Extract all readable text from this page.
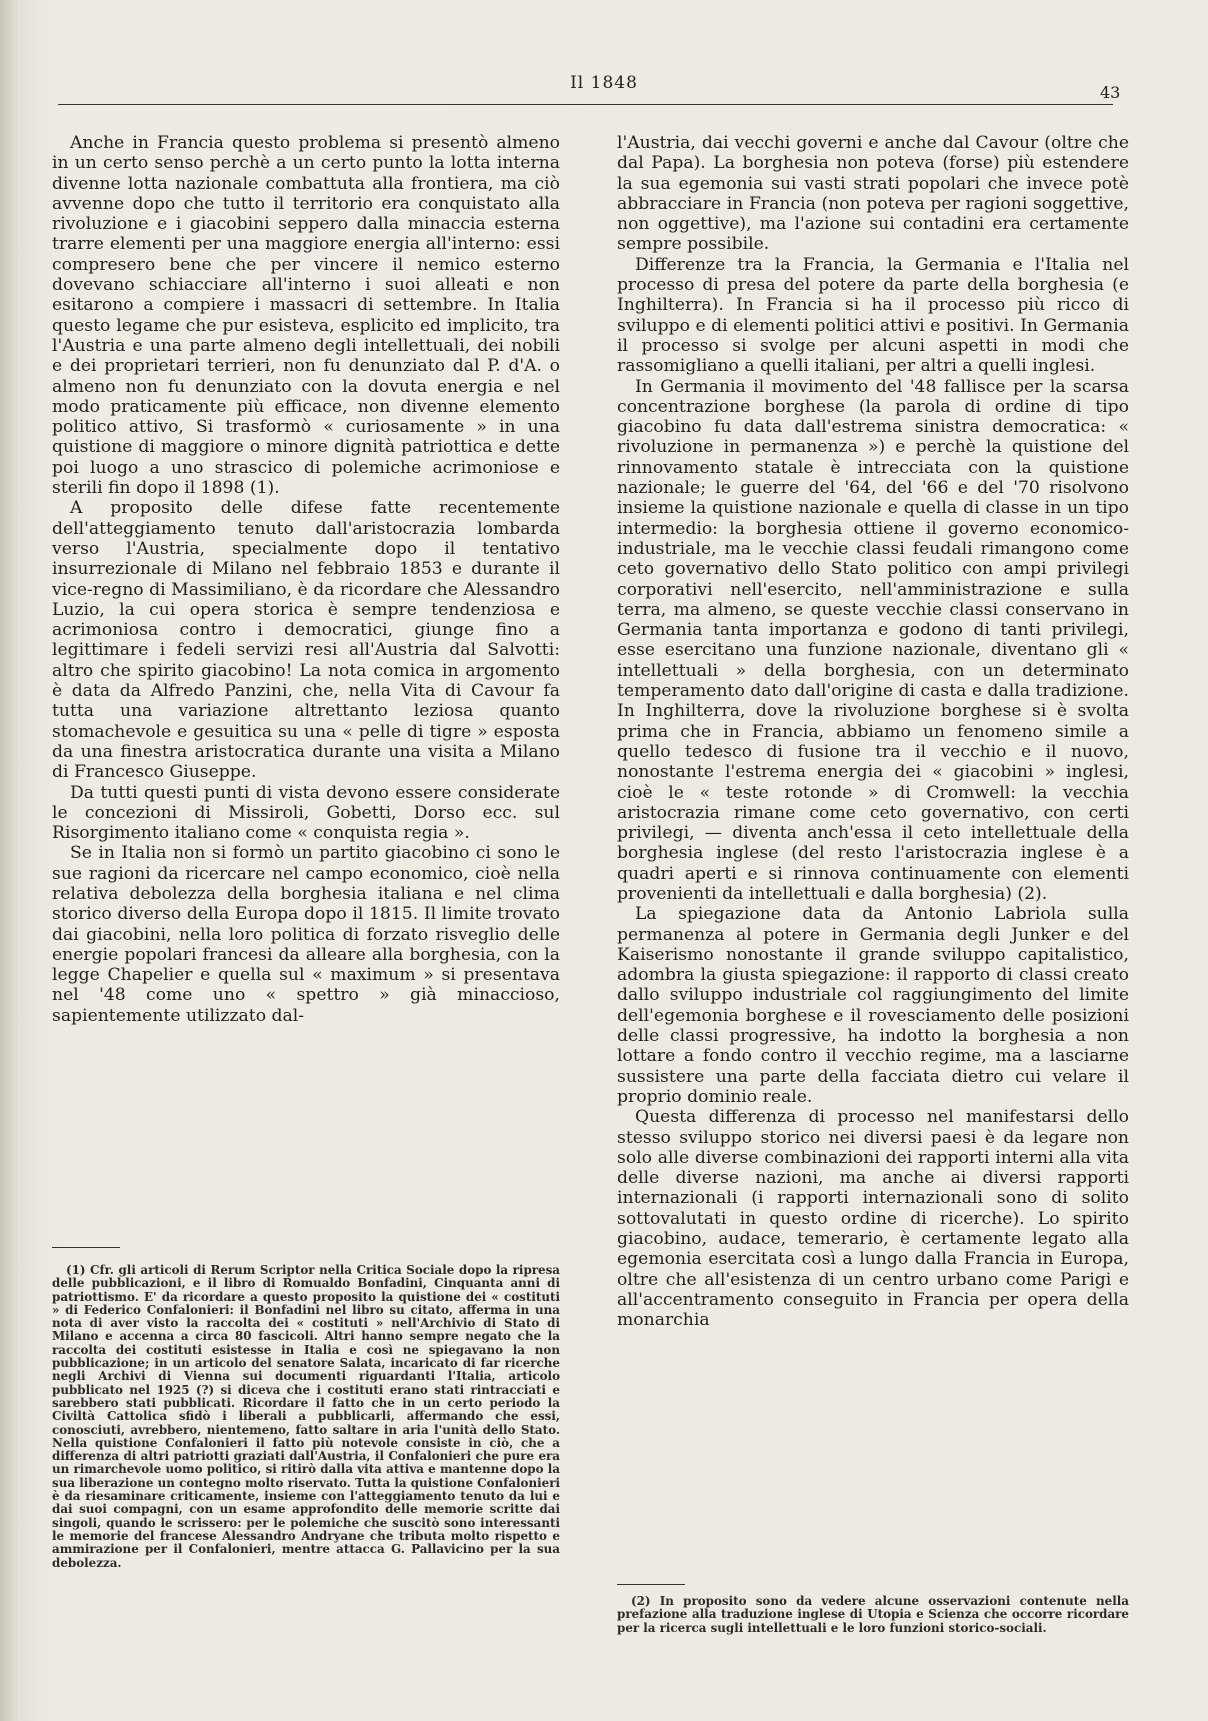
Il 1848	43

Anche in Francia questo problema si presentò almeno in un certo senso perchè a un certo punto la lotta interna divenne lotta nazionale combattuta alla frontiera, ma ciò avvenne dopo che tutto il territorio era conquistato alla rivoluzione e i giacobini seppero dalla minaccia esterna trarre elementi per una maggiore energia all'interno: essi compresero bene che per vincere il nemico esterno dovevano schiacciare all'interno i suoi alleati e non esitarono a compiere i massacri di settembre. In Italia questo legame che pur esisteva, esplicito ed implicito, tra l'Austria e una parte almeno degli intellettuali, dei nobili e dei proprietari terrieri, non fu denunziato dal P. d'A. o almeno non fu denunziato con la dovuta energia e nel modo praticamente più efficace, non divenne elemento politico attivo, Si trasformò « curiosamente » in una quistione di maggiore o minore dignità patriottica e dette poi luogo a uno strascico di polemiche acrimoniose e sterili fin dopo il 1898 (1).

A proposito delle difese fatte recentemente dell'atteggiamento tenuto dall'aristocrazia lombarda verso l'Austria, specialmente dopo il tentativo insurrezionale di Milano nel febbraio 1853 e durante il vice-regno di Massimiliano, è da ricordare che Alessandro Luzio, la cui opera storica è sempre tendenziosa e acrimoniosa contro i democratici, giunge fino a legittimare i fedeli servizi resi all'Austria dal Salvotti: altro che spirito giacobino! La nota comica in argomento è data da Alfredo Panzini, che, nella Vita di Cavour fa tutta una variazione altrettanto leziosa quanto stomachevole e gesuitica su una « pelle di tigre » esposta da una finestra aristocratica durante una visita a Milano di Francesco Giuseppe.

Da tutti questi punti di vista devono essere considerate le concezioni di Missiroli, Gobetti, Dorso ecc. sul Risorgimento italiano come « conquista regia ».

Se in Italia non si formò un partito giacobino ci sono le sue ragioni da ricercare nel campo economico, cioè nella relativa debolezza della borghesia italiana e nel clima storico diverso della Europa dopo il 1815. Il limite trovato dai giacobini, nella loro politica di forzato risveglio delle energie popolari francesi da alleare alla borghesia, con la legge Chapelier e quella sul « maximum » si presentava nel '48 come uno « spettro » già minaccioso, sapientemente utilizzato dal-

(1) Cfr. gli articoli di Rerum Scriptor nella Critica Sociale dopo la ripresa delle pubblicazioni, e il libro di Romualdo Bonfadini, Cinquanta anni di patriottismo. E' da ricordare a questo proposito la quistione dei « costituti » di Federico Confalonieri: il Bonfadini nel libro su citato, afferma in una nota di aver visto la raccolta dei « costituti » nell'Archivio di Stato di Milano e accenna a circa 80 fascicoli. Altri hanno sempre negato che la raccolta dei costituti esistesse in Italia e così ne spiegavano la non pubblicazione; in un articolo del senatore Salata, incaricato di far ricerche negli Archivi di Vienna sui documenti riguardanti l'Italia, articolo pubblicato nel 1925 (?) si diceva che i costituti erano stati rintracciati e sarebbero stati pubblicati. Ricordare il fatto che in un certo periodo la Civiltà Cattolica sfidò i liberali a pubblicarli, affermando che essi, conosciuti, avrebbero, nientemeno, fatto saltare in aria l'unità dello Stato. Nella quistione Confalonieri il fatto più notevole consiste in ciò, che a differenza di altri patriotti graziati dall'Austria, il Confalonieri che pure era un rimarchevole uomo politico, si ritirò dalla vita attiva e mantenne dopo la sua liberazione un contegno molto riservato. Tutta la quistione Confalonieri è da riesaminare criticamente, insieme con l'atteggiamento tenuto da lui e dai suoi compagni, con un esame approfondito delle memorie scritte dai singoli, quando le scrissero: per le polemiche che suscitò sono interessanti le memorie del francese Alessandro Andryane che tributa molto rispetto e ammirazione per il Confalonieri, mentre attacca G. Pallavicino per la sua debolezza.

l'Austria, dai vecchi governi e anche dal Cavour (oltre che dal Papa). La borghesia non poteva (forse) più estendere la sua egemonia sui vasti strati popolari che invece potè abbracciare in Francia (non poteva per ragioni soggettive, non oggettive), ma l'azione sui contadini era certamente sempre possibile.

Differenze tra la Francia, la Germania e l'Italia nel processo di presa del potere da parte della borghesia (e Inghilterra). In Francia si ha il processo più ricco di sviluppo e di elementi politici attivi e positivi. In Germania il processo si svolge per alcuni aspetti in modi che rassomigliano a quelli italiani, per altri a quelli inglesi.

In Germania il movimento del '48 fallisce per la scarsa concentrazione borghese (la parola di ordine di tipo giacobino fu data dall'estrema sinistra democratica: « rivoluzione in permanenza ») e perchè la quistione del rinnovamento statale è intrecciata con la quistione nazionale; le guerre del '64, del '66 e del '70 risolvono insieme la quistione nazionale e quella di classe in un tipo intermedio: la borghesia ottiene il governo economico-industriale, ma le vecchie classi feudali rimangono come ceto governativo dello Stato politico con ampi privilegi corporativi nell'esercito, nell'amministrazione e sulla terra, ma almeno, se queste vecchie classi conservano in Germania tanta importanza e godono di tanti privilegi, esse esercitano una funzione nazionale, diventano gli « intellettuali » della borghesia, con un determinato temperamento dato dall'origine di casta e dalla tradizione. In Inghilterra, dove la rivoluzione borghese si è svolta prima che in Francia, abbiamo un fenomeno simile a quello tedesco di fusione tra il vecchio e il nuovo, nonostante l'estrema energia dei « giacobini » inglesi, cioè le « teste rotonde » di Cromwell: la vecchia aristocrazia rimane come ceto governativo, con certi privilegi, — diventa anch'essa il ceto intellettuale della borghesia inglese (del resto l'aristocrazia inglese è a quadri aperti e si rinnova continuamente con elementi provenienti da intellettuali e dalla borghesia) (2).

La spiegazione data da Antonio Labriola sulla permanenza al potere in Germania degli Junker e del Kaiserismo nonostante il grande sviluppo capitalistico, adombra la giusta spiegazione: il rapporto di classi creato dallo sviluppo industriale col raggiungimento del limite dell'egemonia borghese e il rovesciamento delle posizioni delle classi progressive, ha indotto la borghesia a non lottare a fondo contro il vecchio regime, ma a lasciarne sussistere una parte della facciata dietro cui velare il proprio dominio reale.

Questa differenza di processo nel manifestarsi dello stesso sviluppo storico nei diversi paesi è da legare non solo alle diverse combinazioni dei rapporti interni alla vita delle diverse nazioni, ma anche ai diversi rapporti internazionali (i rapporti internazionali sono di solito sottovalutati in questo ordine di ricerche). Lo spirito giacobino, audace, temerario, è certamente legato alla egemonia esercitata così a lungo dalla Francia in Europa, oltre che all'esistenza di un centro urbano come Parigi e all'accentramento conseguito in Francia per opera della monarchia

(2) In proposito sono da vedere alcune osservazioni contenute nella prefazione alla traduzione inglese di Utopia e Scienza che occorre ricordare per la ricerca sugli intellettuali e le loro funzioni storico-sociali.
